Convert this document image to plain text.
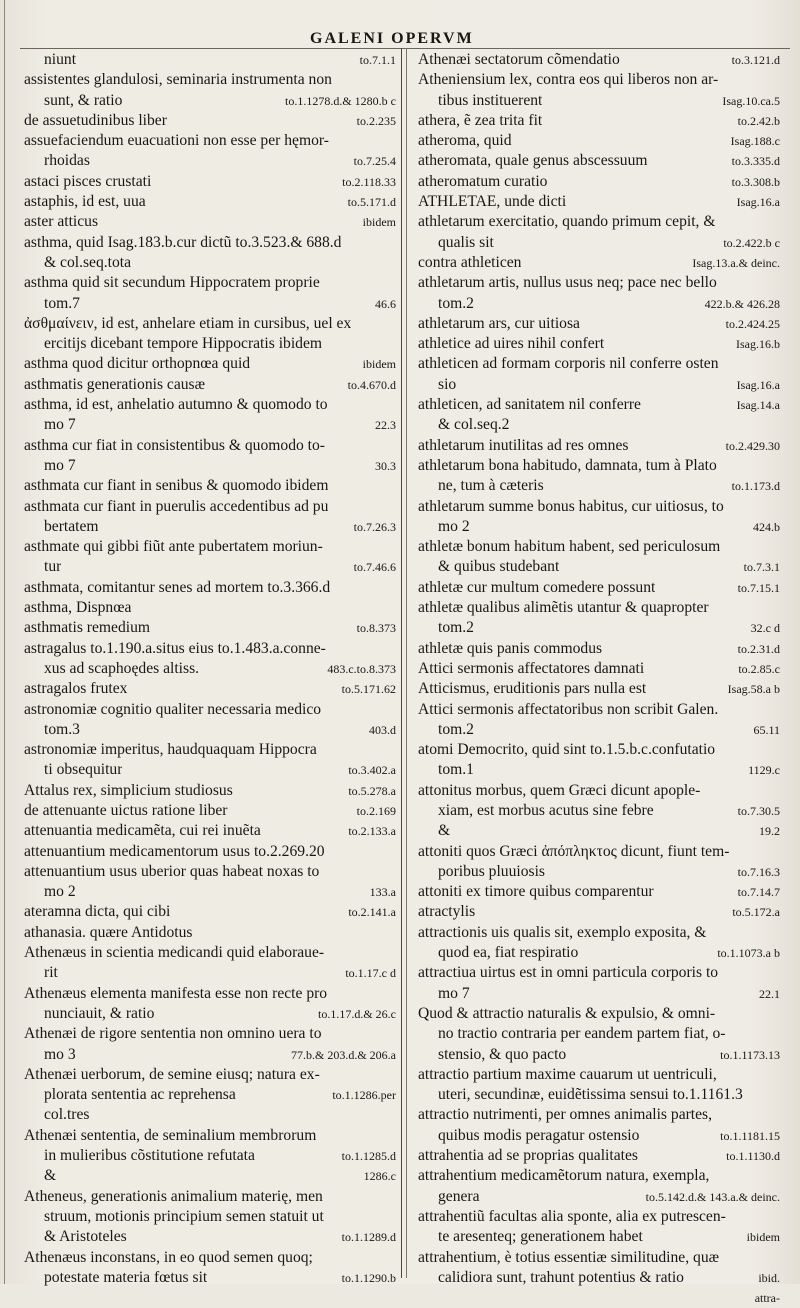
GALENI OPERVM
niunt	to.7.1.1
assistentes glandulosi, seminaria instrumenta non
sunt, & ratio	to.1.1278.d.& 1280.b c
de assuetudinibus liber	to.2.235
assuefaciendum euacuationi non esse per hęmor-
rhoidas	to.7.25.4
astaci pisces crustati	to.2.118.33
astaphis, id est, uua	to.5.171.d
aster atticus	ibidem
asthma, quid Isag.183.b.cur dictũ to.3.523.& 688.d
& col.seq.tota
asthma quid sit secundum Hippocratem proprie
tom.7	46.6
ἀσθμαίνειν, id est, anhelare etiam in cursibus, uel ex
ercitijs dicebant tempore Hippocratis ibidem
asthma quod dicitur orthopnœa quid	ibidem
asthmatis generationis causæ	to.4.670.d
asthma, id est, anhelatio autumno & quomodo to
mo 7	22.3
asthma cur fiat in consistentibus & quomodo to-
mo 7	30.3
asthmata cur fiant in senibus & quomodo ibidem
asthmata cur fiant in puerulis accedentibus ad pu
bertatem	to.7.26.3
asthmate qui gibbi fiũt ante pubertatem moriun-
tur	to.7.46.6
asthmata, comitantur senes ad mortem to.3.366.d
asthma, Dispnœa
asthmatis remedium	to.8.373
astragalus to.1.190.a.situs eius to.1.483.a.conne-
xus ad scaphoędes altiss.	483.c.to.8.373
astragalos frutex	to.5.171.62
astronomiæ cognitio qualiter necessaria medico
tom.3	403.d
astronomiæ imperitus, haudquaquam Hippocra
ti obsequitur	to.3.402.a
Attalus rex, simplicium studiosus	to.5.278.a
de attenuante uictus ratione liber	to.2.169
attenuantia medicamẽta, cui rei inuẽta	to.2.133.a
attenuantium medicamentorum usus to.2.269.20
attenuantium usus uberior quas habeat noxas to
mo 2	133.a
ateramna dicta, qui cibi	to.2.141.a
athanasia. quære Antidotus
Athenæus in scientia medicandi quid elaboraue-
rit	to.1.17.c d
Athenæus elementa manifesta esse non recte pro
nunciauit, & ratio	to.1.17.d.& 26.c
Athenæi de rigore sententia non omnino uera to
mo 3	77.b.& 203.d.& 206.a
Athenæi uerborum, de semine eiusq; natura ex-
plorata sententia ac reprehensa	to.1.1286.per
col.tres
Athenæi sententia, de seminalium membrorum
in mulieribus cõstitutione refutata	to.1.1285.d
&	1286.c
Atheneus, generationis animalium materię, men
struum, motionis principium semen statuit ut
& Aristoteles	to.1.1289.d
Athenæus inconstans, in eo quod semen quoq;
potestate materia fœtus sit	to.1.1290.b
Athenæi sectatorum cõmendatio	to.3.121.d
Atheniensium lex, contra eos qui liberos non ar-
tibus instituerent	Isag.10.ca.5
athera, ẽ zea trita fit	to.2.42.b
atheroma, quid	Isag.188.c
atheromata, quale genus abscessuum	to.3.335.d
atheromatum curatio	to.3.308.b
ATHLETAE, unde dicti	Isag.16.a
athletarum exercitatio, quando primum cepit, &
qualis sit	to.2.422.b c
contra athleticen	Isag.13.a.& deinc.
athletarum artis, nullus usus neq; pace nec bello
tom.2	422.b.& 426.28
athletarum ars, cur uitiosa	to.2.424.25
athletice ad uires nihil confert	Isag.16.b
athleticen ad formam corporis nil conferre osten
sio	Isag.16.a
athleticen, ad sanitatem nil conferre	Isag.14.a
& col.seq.2
athletarum inutilitas ad res omnes	to.2.429.30
athletarum bona habitudo, damnata, tum à Plato
ne, tum à cæteris	to.1.173.d
athletarum summe bonus habitus, cur uitiosus, to
mo 2	424.b
athletæ bonum habitum habent, sed periculosum
& quibus studebant	to.7.3.1
athletæ cur multum comedere possunt	to.7.15.1
athletæ qualibus alimẽtis utantur & quapropter
tom.2	32.c d
athletæ quis panis commodus	to.2.31.d
Attici sermonis affectatores damnati	to.2.85.c
Atticismus, eruditionis pars nulla est	Isag.58.a b
Attici sermonis affectatoribus non scribit Galen.
tom.2	65.11
atomi Democrito, quid sint to.1.5.b.c.confutatio
tom.1	1129.c
attonitus morbus, quem Græci dicunt apople-
xiam, est morbus acutus sine febre	to.7.30.5
&	19.2
attoniti quos Græci ἀπόπληκτος dicunt, fiunt tem-
poribus pluuiosis	to.7.16.3
attoniti ex timore quibus comparentur	to.7.14.7
atractylis	to.5.172.a
attractionis uis qualis sit, exemplo exposita, &
quod ea, fiat respiratio	to.1.1073.a b
attractiua uirtus est in omni particula corporis to
mo 7	22.1
Quod & attractio naturalis & expulsio, & omni-
no tractio contraria per eandem partem fiat, o-
stensio, & quo pacto	to.1.1173.13
attractio partium maxime cauarum ut uentriculi,
uteri, secundinæ, euidẽtissima sensui to.1.1161.3
attractio nutrimenti, per omnes animalis partes,
quibus modis peragatur ostensio	to.1.1181.15
attrahentia ad se proprias qualitates	to.1.1130.d
attrahentium medicamẽtorum natura, exempla,
genera	to.5.142.d.& 143.a.& deinc.
attrahentiũ facultas alia sponte, alia ex putrescen-
te aresenteq; generationem habet	ibidem
attrahentium, è totius essentiæ similitudine, quæ
calidiora sunt, trahunt potentius & ratio	ibid.
attra-
